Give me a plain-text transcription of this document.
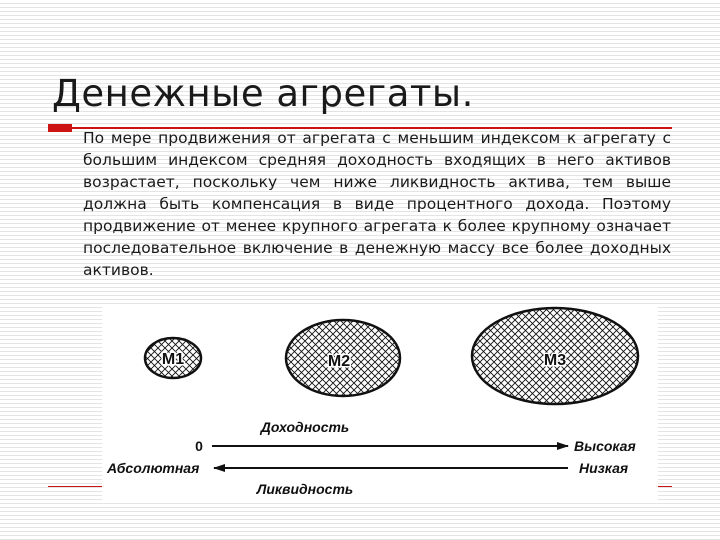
Денежные агрегаты.

По мере продвижения от агрегата с меньшим индексом к агрегату с большим индексом средняя доходность входящих в него активов возрастает, поскольку чем ниже ликвидность актива, тем выше должна быть компенсация в виде процентного дохода. Поэтому продвижение от менее крупного агрегата к более крупному означает последовательное включение в денежную массу все более доходных активов.

М1	М2	М3
Доходность
0	Высокая
Абсолютная	Низкая
Ликвидность
